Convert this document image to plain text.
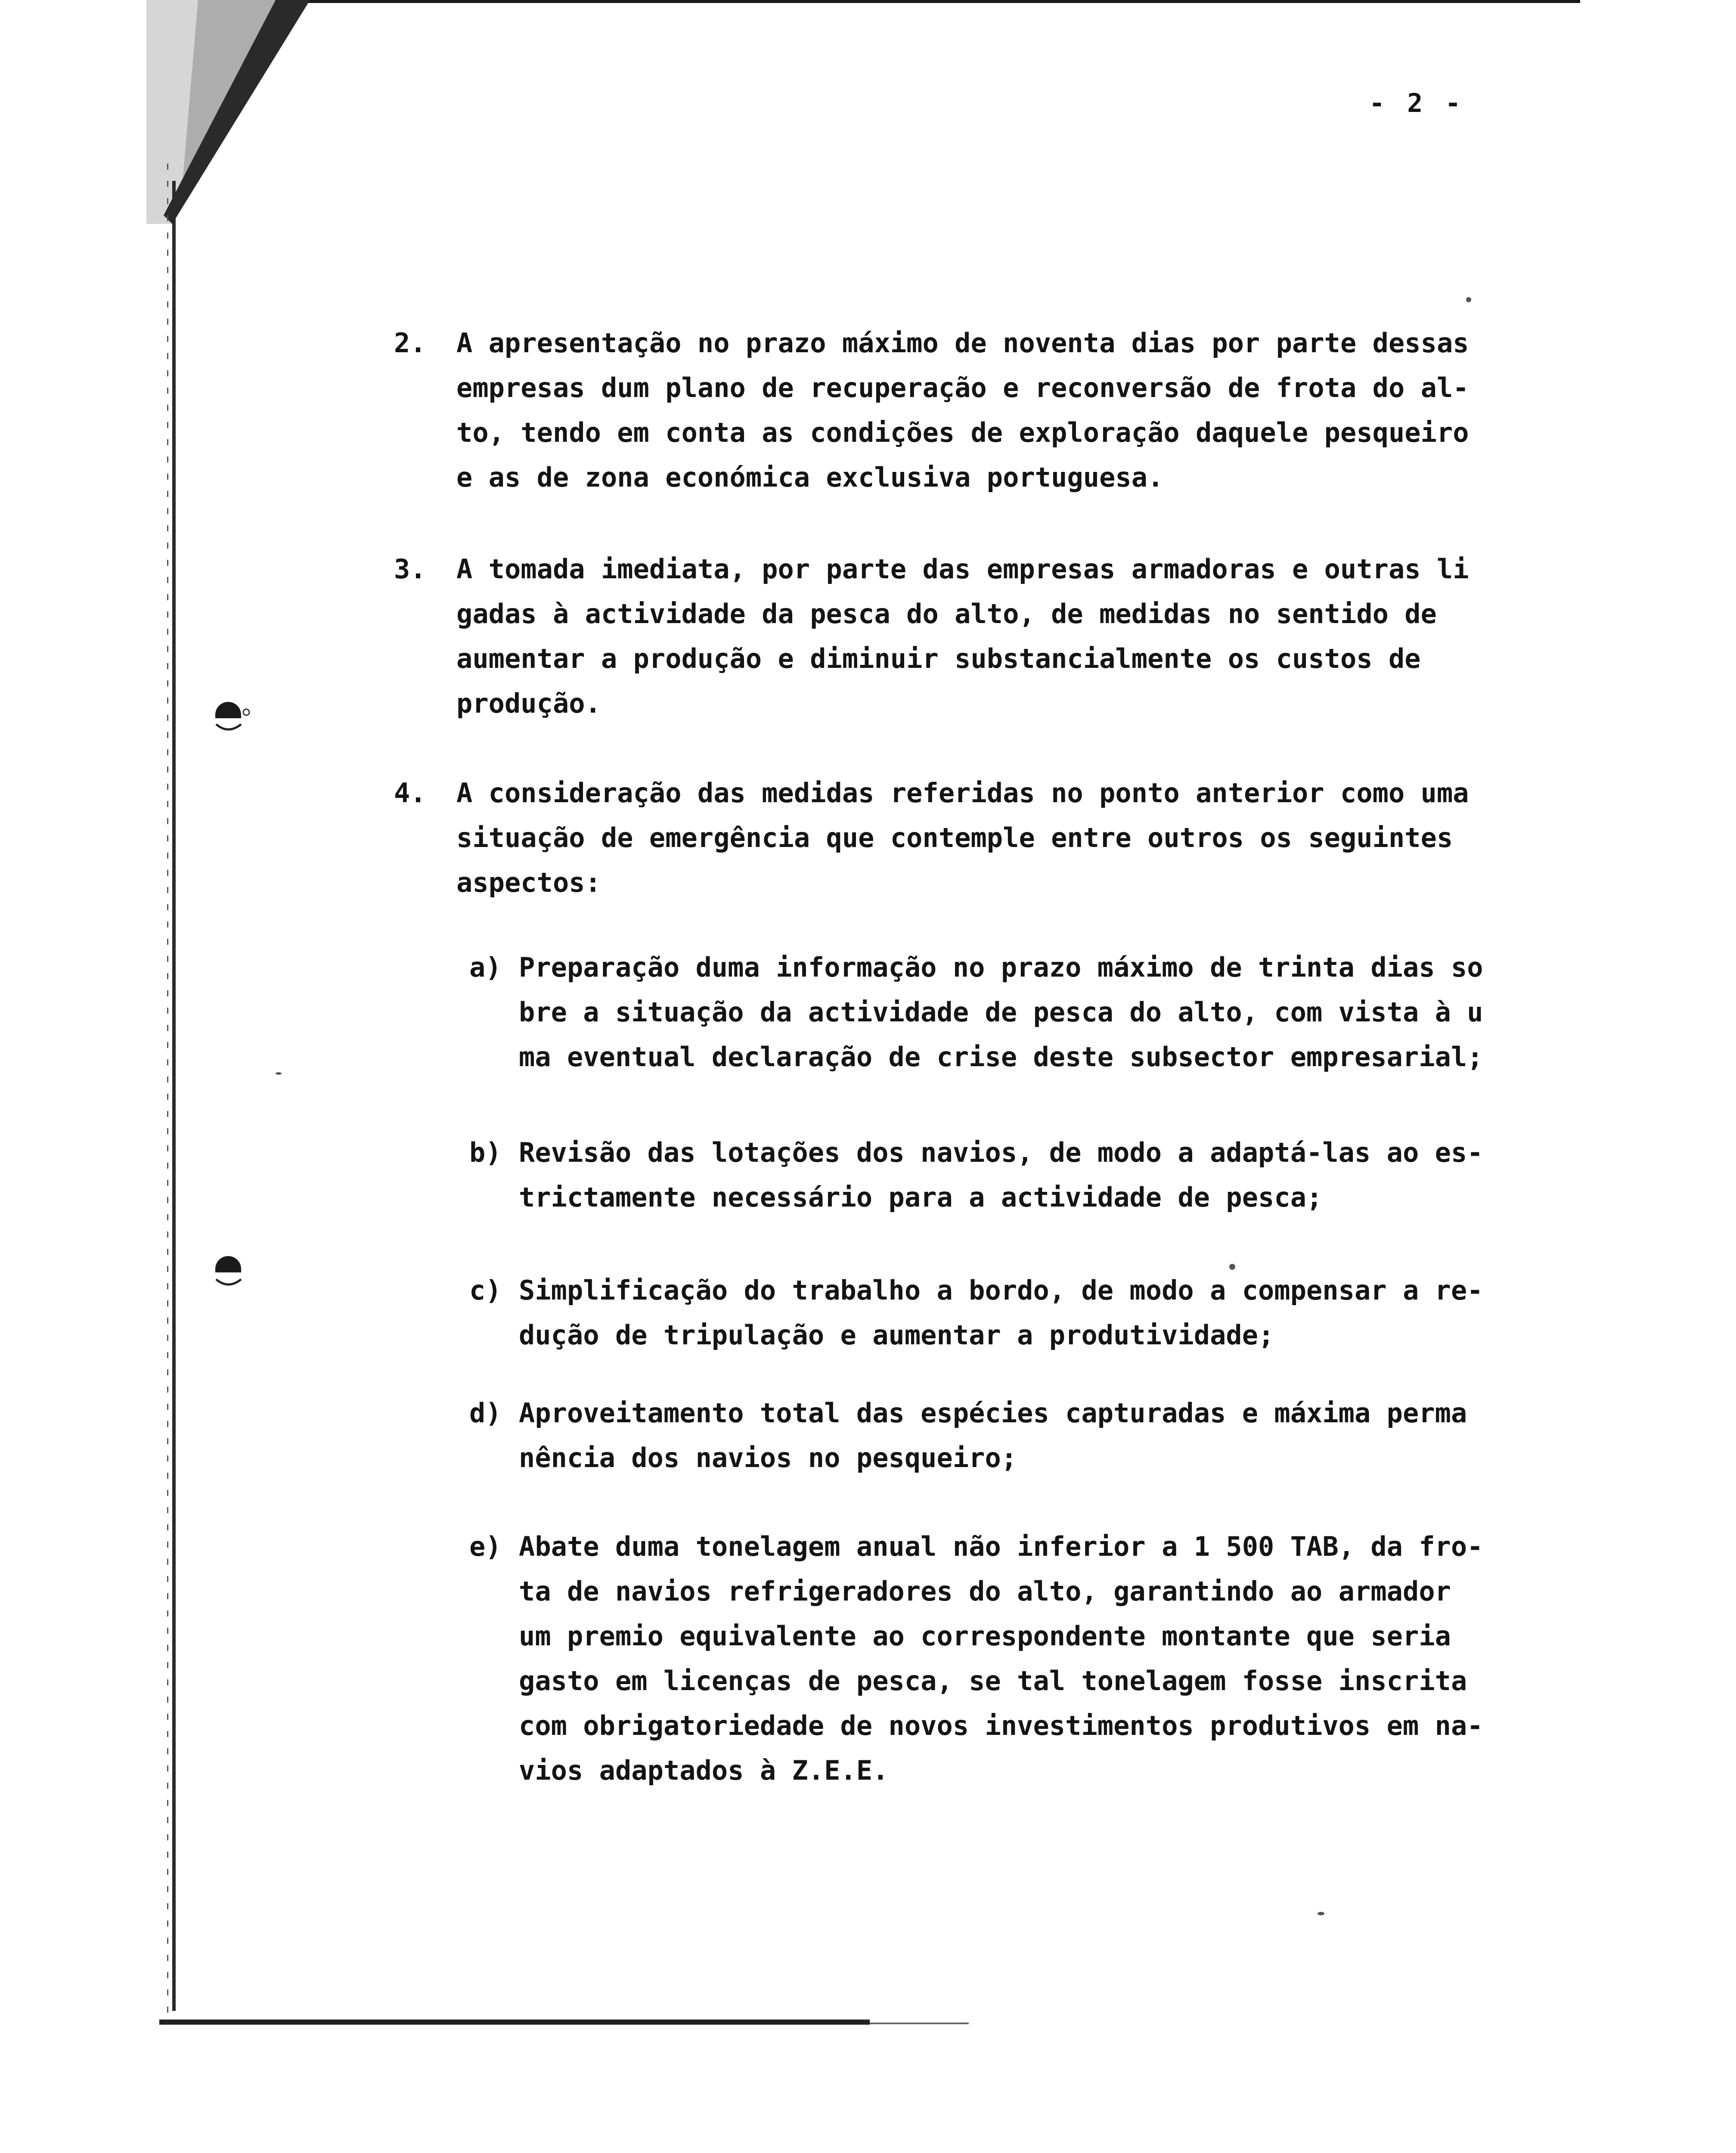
- 2 -
2.	A apresentação no prazo máximo de noventa dias por parte dessas
empresas dum plano de recuperação e reconversão de frota do al-
to, tendo em conta as condições de exploração daquele pesqueiro
e as de zona económica exclusiva portuguesa.
3.	A tomada imediata, por parte das empresas armadoras e outras li
gadas à actividade da pesca do alto, de medidas no sentido de
aumentar a produção e diminuir substancialmente os custos de
produção.
4.	A consideração das medidas referidas no ponto anterior como uma
situação de emergência que contemple entre outros os seguintes
aspectos:
a) Preparação duma informação no prazo máximo de trinta dias so
bre a situação da actividade de pesca do alto, com vista à u
ma eventual declaração de crise deste subsector empresarial;
b) Revisão das lotações dos navios, de modo a adaptá-las ao es-
trictamente necessário para a actividade de pesca;
c) Simplificação do trabalho a bordo, de modo a compensar a re-
dução de tripulação e aumentar a produtividade;
d) Aproveitamento total das espécies capturadas e máxima perma
nência dos navios no pesqueiro;
e) Abate duma tonelagem anual não inferior a 1 500 TAB, da fro-
ta de navios refrigeradores do alto, garantindo ao armador
um premio equivalente ao correspondente montante que seria
gasto em licenças de pesca, se tal tonelagem fosse inscrita
com obrigatoriedade de novos investimentos produtivos em na-
vios adaptados à Z.E.E.
